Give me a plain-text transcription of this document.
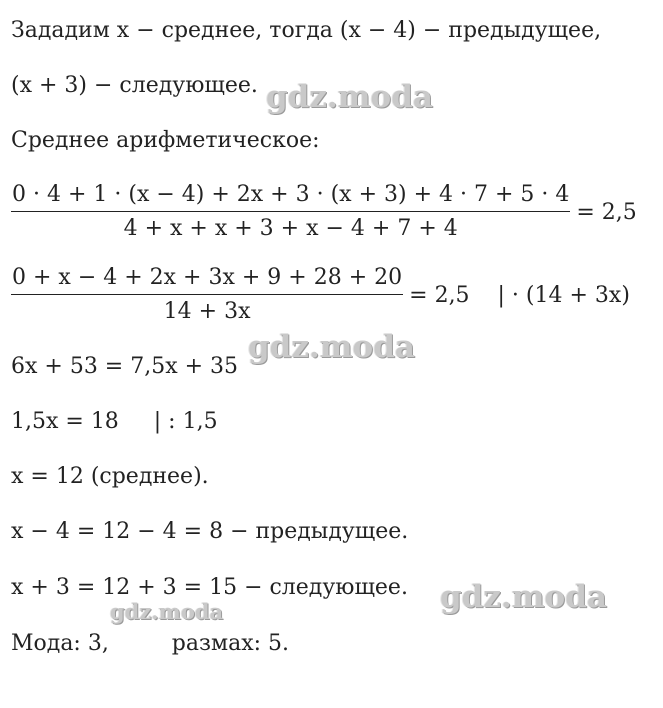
Зададим x − среднее, тогда (x − 4) − предыдущее,
(x + 3) − следующее.
Среднее арифметическое:
$\frac{0 \cdot 4 + 1 \cdot (x - 4) + 2x + 3 \cdot (x + 3) + 4 \cdot 7 + 5 \cdot 4}{4 + x + x + 3 + x - 4 + 7 + 4} = 2,5$
$\frac{0 + x - 4 + 2x + 3x + 9 + 28 + 20}{14 + 3x} = 2,5$    | · (14 + 3x)
6x + 53 = 7,5x + 35
1,5x = 18     | : 1,5
x = 12 (среднее).
x − 4 = 12 − 4 = 8 − предыдущее.
x + 3 = 12 + 3 = 15 − следующее.
Мода: 3,         размах: 5.
gdz.moda
gdz.moda
gdz.moda
gdz.moda
